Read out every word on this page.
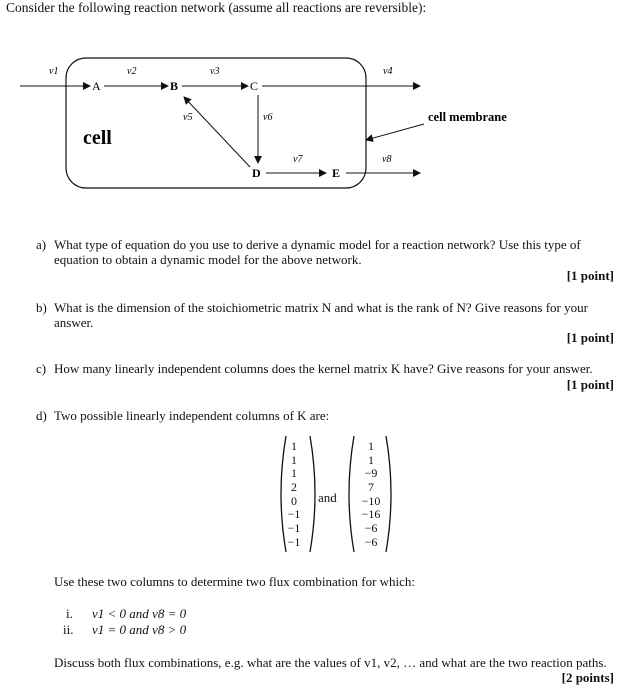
Consider the following reaction network (assume all reactions are reversible):
A	B	C
D	E
v1	v2	v3	v4
v5	v6
v7	v8
cell
cell membrane
a) What type of equation do you use to derive a dynamic model for a reaction network? Use this type of
equation to obtain a dynamic model for the above network.
[1 point]
b) What is the dimension of the stoichiometric matrix N and what is the rank of N? Give reasons for your
answer.
[1 point]
c) How many linearly independent columns does the kernel matrix K have? Give reasons for your answer.
[1 point]
d) Two possible linearly independent columns of K are:
1
1
1
2
0
−1
−1
−1
and
1
1
−9
7
−10
−16
−6
−6
Use these two columns to determine two flux combination for which:
i. v1 < 0 and v8 = 0
ii. v1 = 0 and v8 > 0
Discuss both flux combinations, e.g. what are the values of v1, v2, … and what are the two reaction paths.
[2 points]
